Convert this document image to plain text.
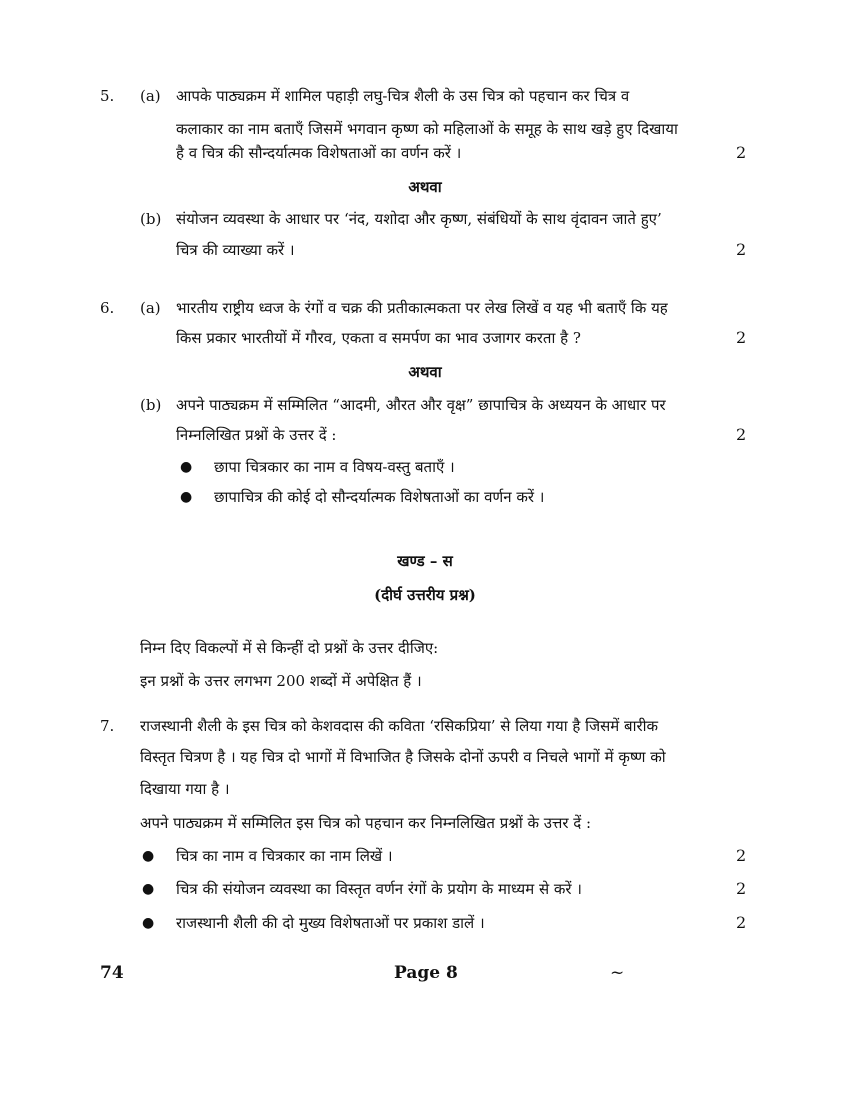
5. (a) आपके पाठ्यक्रम में शामिल पहाड़ी लघु-चित्र शैली के उस चित्र को पहचान कर चित्र व
कलाकार का नाम बताएँ जिसमें भगवान कृष्ण को महिलाओं के समूह के साथ खड़े हुए दिखाया
है व चित्र की सौन्दर्यात्मक विशेषताओं का वर्णन करें ।	2
अथवा
(b) संयोजन व्यवस्था के आधार पर ‘नंद, यशोदा और कृष्ण, संबंधियों के साथ वृंदावन जाते हुए’
चित्र की व्याख्या करें ।	2
6. (a) भारतीय राष्ट्रीय ध्वज के रंगों व चक्र की प्रतीकात्मकता पर लेख लिखें व यह भी बताएँ कि यह
किस प्रकार भारतीयों में गौरव, एकता व समर्पण का भाव उजागर करता है ?	2
अथवा
(b) अपने पाठ्यक्रम में सम्मिलित “आदमी, औरत और वृक्ष” छापाचित्र के अध्ययन के आधार पर
निम्नलिखित प्रश्नों के उत्तर दें :	2
● छापा चित्रकार का नाम व विषय-वस्तु बताएँ ।
● छापाचित्र की कोई दो सौन्दर्यात्मक विशेषताओं का वर्णन करें ।
खण्ड – स
(दीर्घ उत्तरीय प्रश्न)
निम्न दिए विकल्पों में से किन्हीं दो प्रश्नों के उत्तर दीजिए:
इन प्रश्नों के उत्तर लगभग 200 शब्दों में अपेक्षित हैं ।
7. राजस्थानी शैली के इस चित्र को केशवदास की कविता ‘रसिकप्रिया’ से लिया गया है जिसमें बारीक
विस्तृत चित्रण है । यह चित्र दो भागों में विभाजित है जिसके दोनों ऊपरी व निचले भागों में कृष्ण को
दिखाया गया है ।
अपने पाठ्यक्रम में सम्मिलित इस चित्र को पहचान कर निम्नलिखित प्रश्नों के उत्तर दें :
● चित्र का नाम व चित्रकार का नाम लिखें ।	2
● चित्र की संयोजन व्यवस्था का विस्तृत वर्णन रंगों के प्रयोग के माध्यम से करें ।	2
● राजस्थानी शैली की दो मुख्य विशेषताओं पर प्रकाश डालें ।	2
74	Page 8	~
